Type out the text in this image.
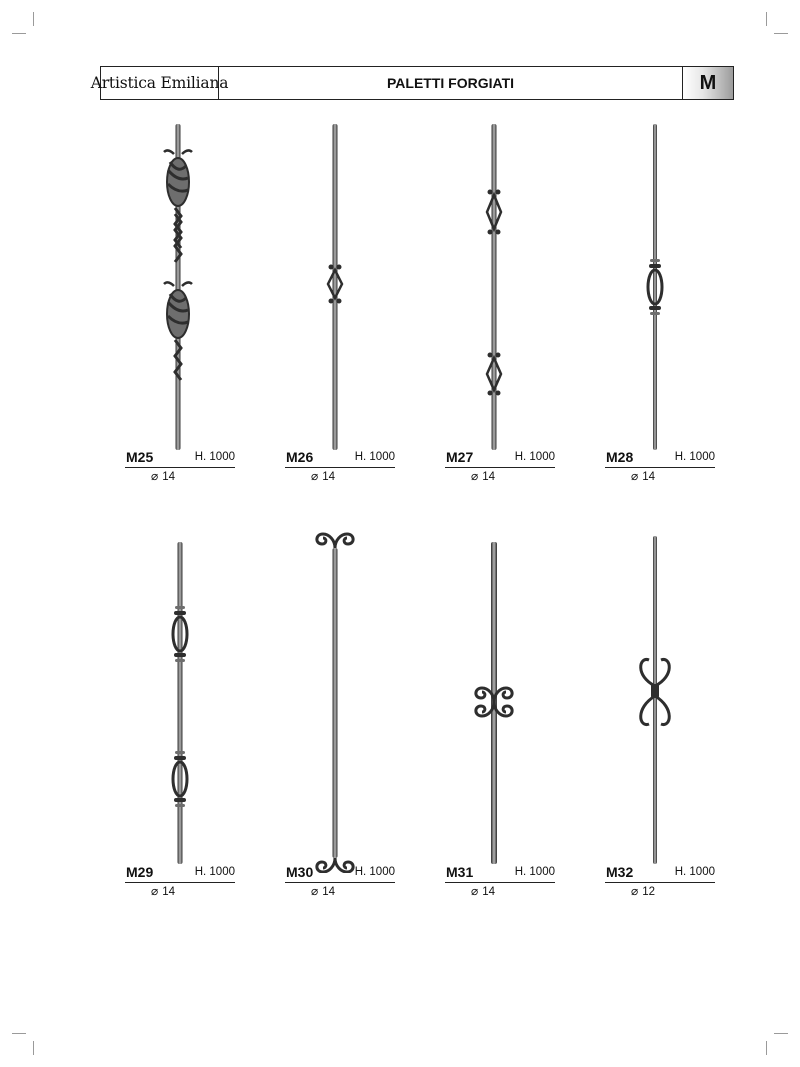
Artistica Emiliana	PALETTI FORGIATI	M
M25	H. 1000
⌀ 14
M26	H. 1000
⌀ 14
M27	H. 1000
⌀ 14
M28	H. 1000
⌀ 14
M29	H. 1000
⌀ 14
M30	H. 1000
⌀ 14
M31	H. 1000
⌀ 14
M32	H. 1000
⌀ 12
